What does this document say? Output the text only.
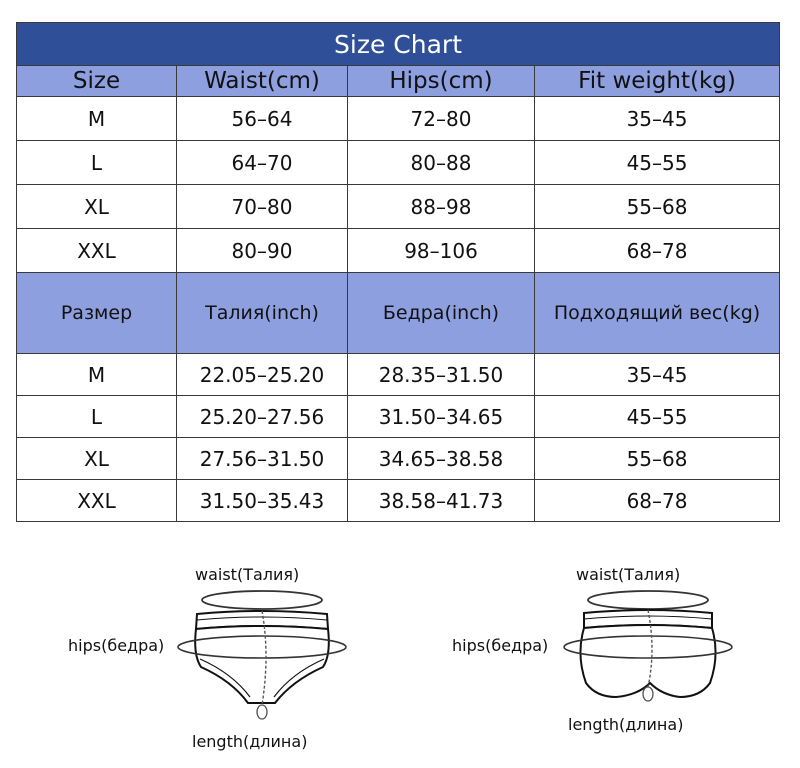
Size Chart			
Size	Waist(cm)	Hips(cm)	Fit weight(kg)
M	56–64	72–80	35–45
L	64–70	80–88	45–55
XL	70–80	88–98	55–68
XXL	80–90	98–106	68–78
Размер	Талия(inch)	Бедра(inch)	Подходящий вес(kg)
M	22.05–25.20	28.35–31.50	35–45
L	25.20–27.56	31.50–34.65	45–55
XL	27.56–31.50	34.65–38.58	55–68
XXL	31.50–35.43	38.58–41.73	68–78
waist(Талия)
hips(бедра)
length(длина)
waist(Талия)
hips(бедра)
length(длина)
